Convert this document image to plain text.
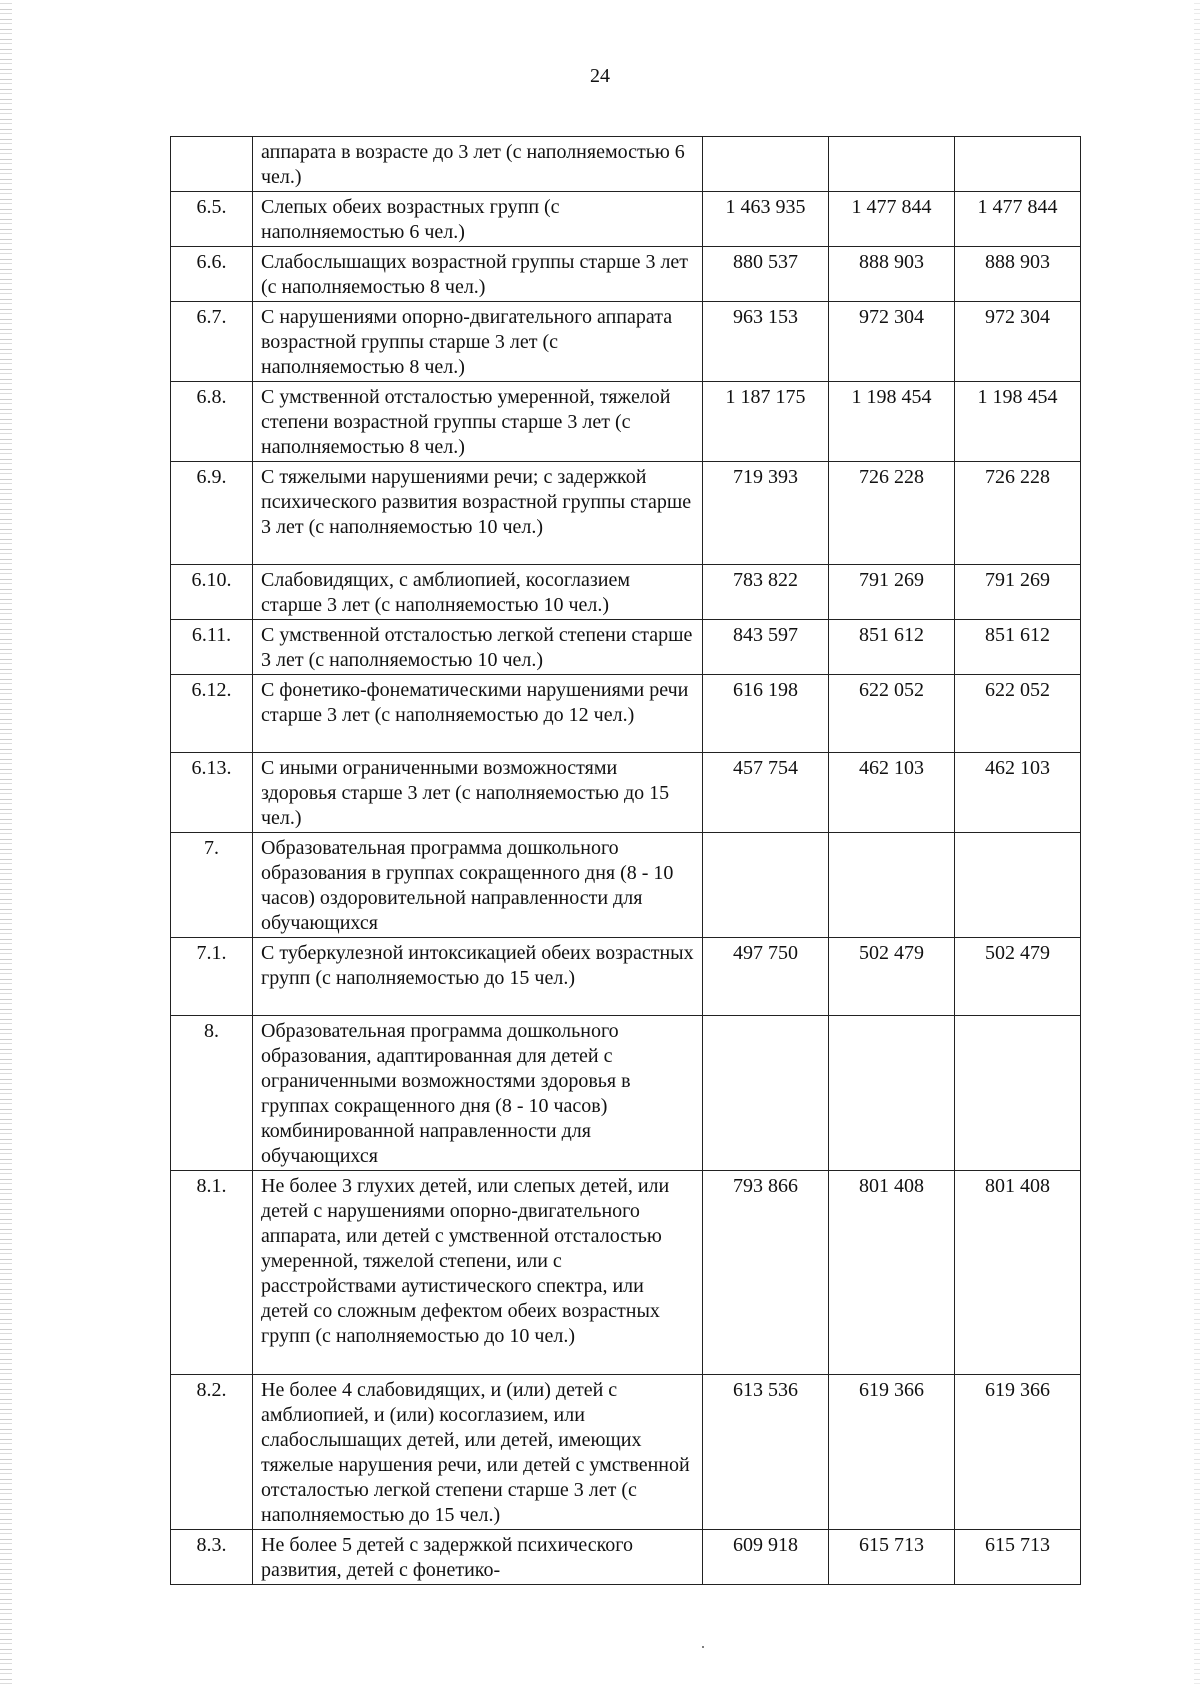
24
	аппарата в возрасте до 3 лет (с наполняемостью 6 чел.)			
6.5.	Слепых обеих возрастных групп (с наполняемостью 6 чел.)	1 463 935	1 477 844	1 477 844
6.6.	Слабослышащих возрастной группы старше 3 лет (с наполняемостью 8 чел.)	880 537	888 903	888 903
6.7.	С нарушениями опорно-двигательного аппарата возрастной группы старше 3 лет (с наполняемостью 8 чел.)	963 153	972 304	972 304
6.8.	С умственной отсталостью умеренной, тяжелой степени возрастной группы старше 3 лет (с наполняемостью 8 чел.)	1 187 175	1 198 454	1 198 454
6.9.	С тяжелыми нарушениями речи; с задержкой психического развития возрастной группы старше 3 лет (с наполняемостью 10 чел.)	719 393	726 228	726 228
6.10.	Слабовидящих, с амблиопией, косоглазием старше 3 лет (с наполняемостью 10 чел.)	783 822	791 269	791 269
6.11.	С умственной отсталостью легкой степени старше 3 лет (с наполняемостью 10 чел.)	843 597	851 612	851 612
6.12.	С фонетико-фонематическими нарушениями речи старше 3 лет (с наполняемостью до 12 чел.)	616 198	622 052	622 052
6.13.	С иными ограниченными возможностями здоровья старше 3 лет (с наполняемостью до 15 чел.)	457 754	462 103	462 103
7.	Образовательная программа дошкольного образования в группах сокращенного дня (8 - 10 часов) оздоровительной направленности для обучающихся			
7.1.	С туберкулезной интоксикацией обеих возрастных групп (с наполняемостью до 15 чел.)	497 750	502 479	502 479
8.	Образовательная программа дошкольного образования, адаптированная для детей с ограниченными возможностями здоровья в группах сокращенного дня (8 - 10 часов) комбинированной направленности для обучающихся			
8.1.	Не более 3 глухих детей, или слепых детей, или детей с нарушениями опорно-двигательного аппарата, или детей с умственной отсталостью умеренной, тяжелой степени, или с расстройствами аутистического спектра, или детей со сложным дефектом обеих возрастных групп (с наполняемостью до 10 чел.)	793 866	801 408	801 408
8.2.	Не более 4 слабовидящих, и (или) детей с амблиопией, и (или) косоглазием, или слабослышащих детей, или детей, имеющих тяжелые нарушения речи, или детей с умственной отсталостью легкой степени старше 3 лет (с наполняемостью до 15 чел.)	613 536	619 366	619 366
8.3.	Не более 5 детей с задержкой психического развития, детей с фонетико-	609 918	615 713	615 713
